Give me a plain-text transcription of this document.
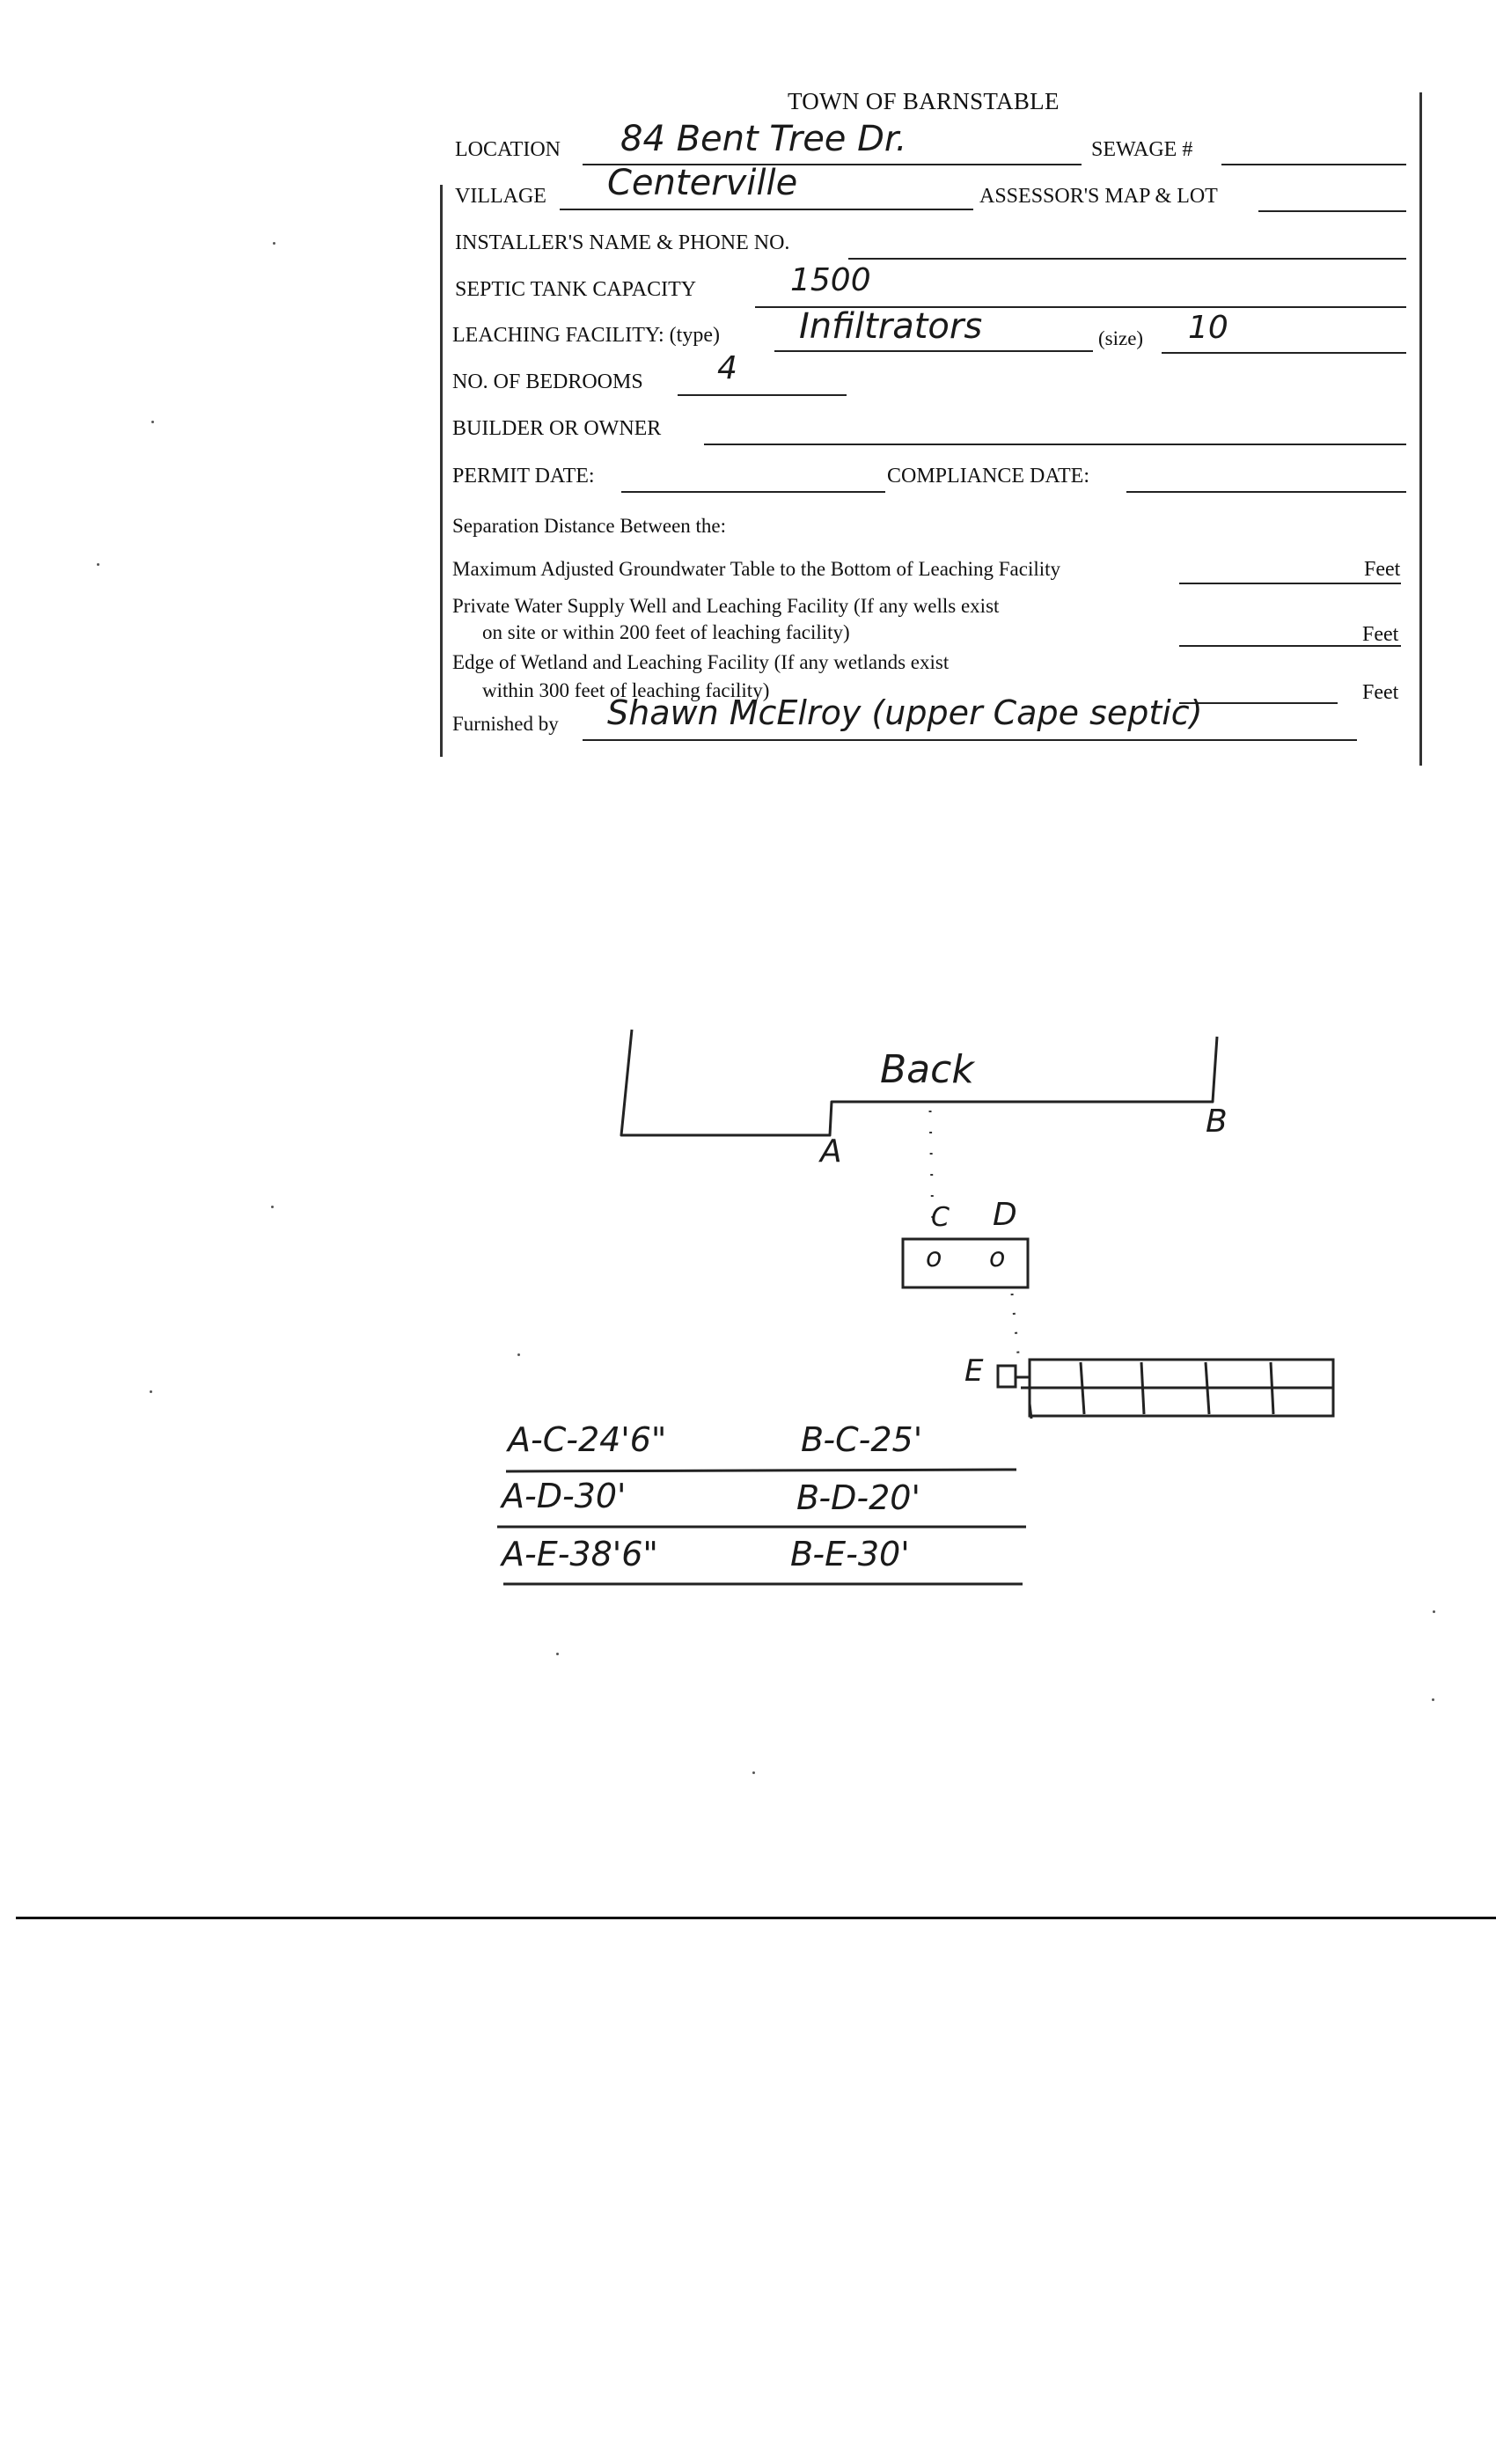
TOWN OF BARNSTABLE
LOCATION 84 Bent Tree Dr.	SEWAGE #
VILLAGE Centerville	ASSESSOR'S MAP & LOT
INSTALLER'S NAME & PHONE NO.
SEPTIC TANK CAPACITY	1500
LEACHING FACILITY: (type) Infiltrators	(size) 10
NO. OF BEDROOMS 4
BUILDER OR OWNER
PERMIT DATE:	COMPLIANCE DATE:
Separation Distance Between the:
Maximum Adjusted Groundwater Table to the Bottom of Leaching Facility	Feet
Private Water Supply Well and Leaching Facility (If any wells exist
on site or within 200 feet of leaching facility)	Feet
Edge of Wetland and Leaching Facility (If any wetlands exist
within 300 feet of leaching facility)	Feet
Furnished by Shawn McElroy (upper Cape septic)
Back
A
B
C D
o o
E
A-C-24'6"	B-C-25'
A-D-30'	B-D-20'
A-E-38'6"	B-E-30'
